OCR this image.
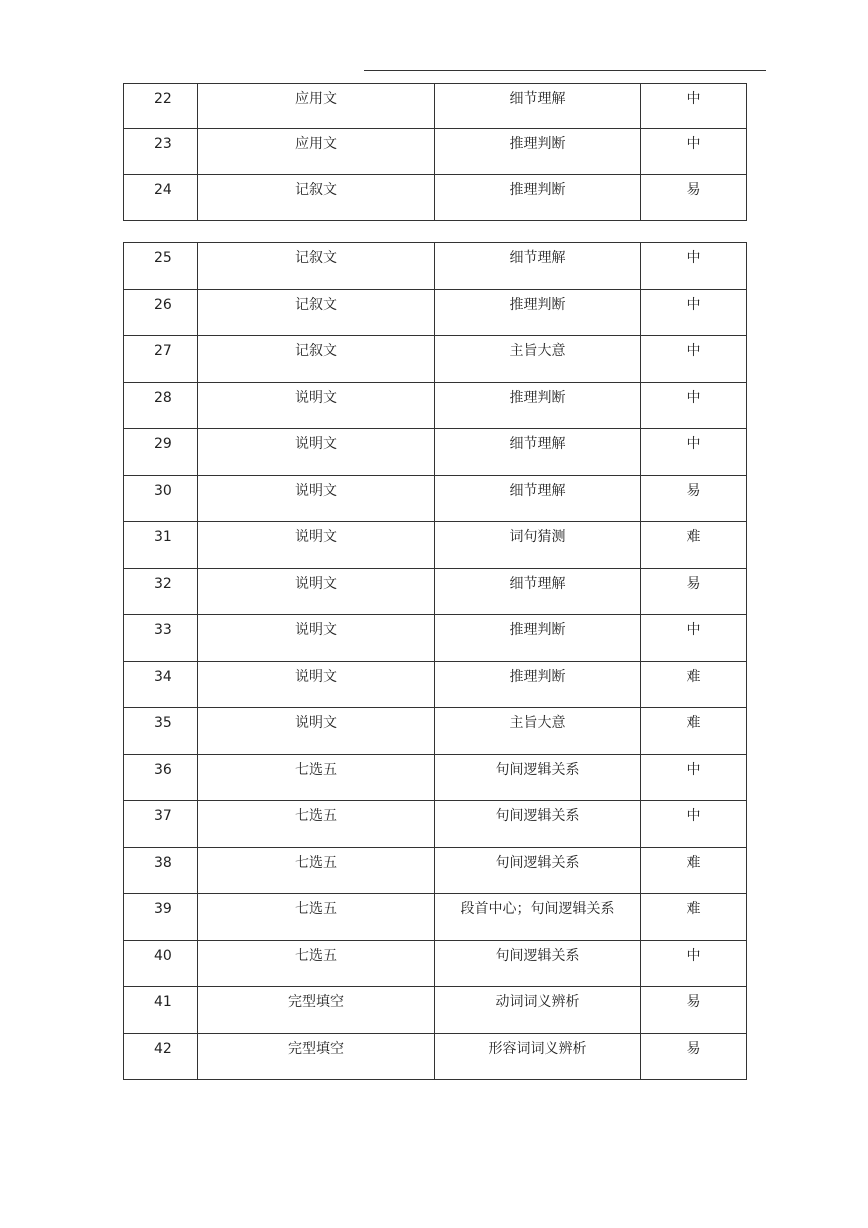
22	应用文	细节理解	中
23	应用文	推理判断	中
24	记叙文	推理判断	易
25	记叙文	细节理解	中
26	记叙文	推理判断	中
27	记叙文	主旨大意	中
28	说明文	推理判断	中
29	说明文	细节理解	中
30	说明文	细节理解	易
31	说明文	词句猜测	难
32	说明文	细节理解	易
33	说明文	推理判断	中
34	说明文	推理判断	难
35	说明文	主旨大意	难
36	七选五	句间逻辑关系	中
37	七选五	句间逻辑关系	中
38	七选五	句间逻辑关系	难
39	七选五	段首中心；句间逻辑关系	难
40	七选五	句间逻辑关系	中
41	完型填空	动词词义辨析	易
42	完型填空	形容词词义辨析	易
